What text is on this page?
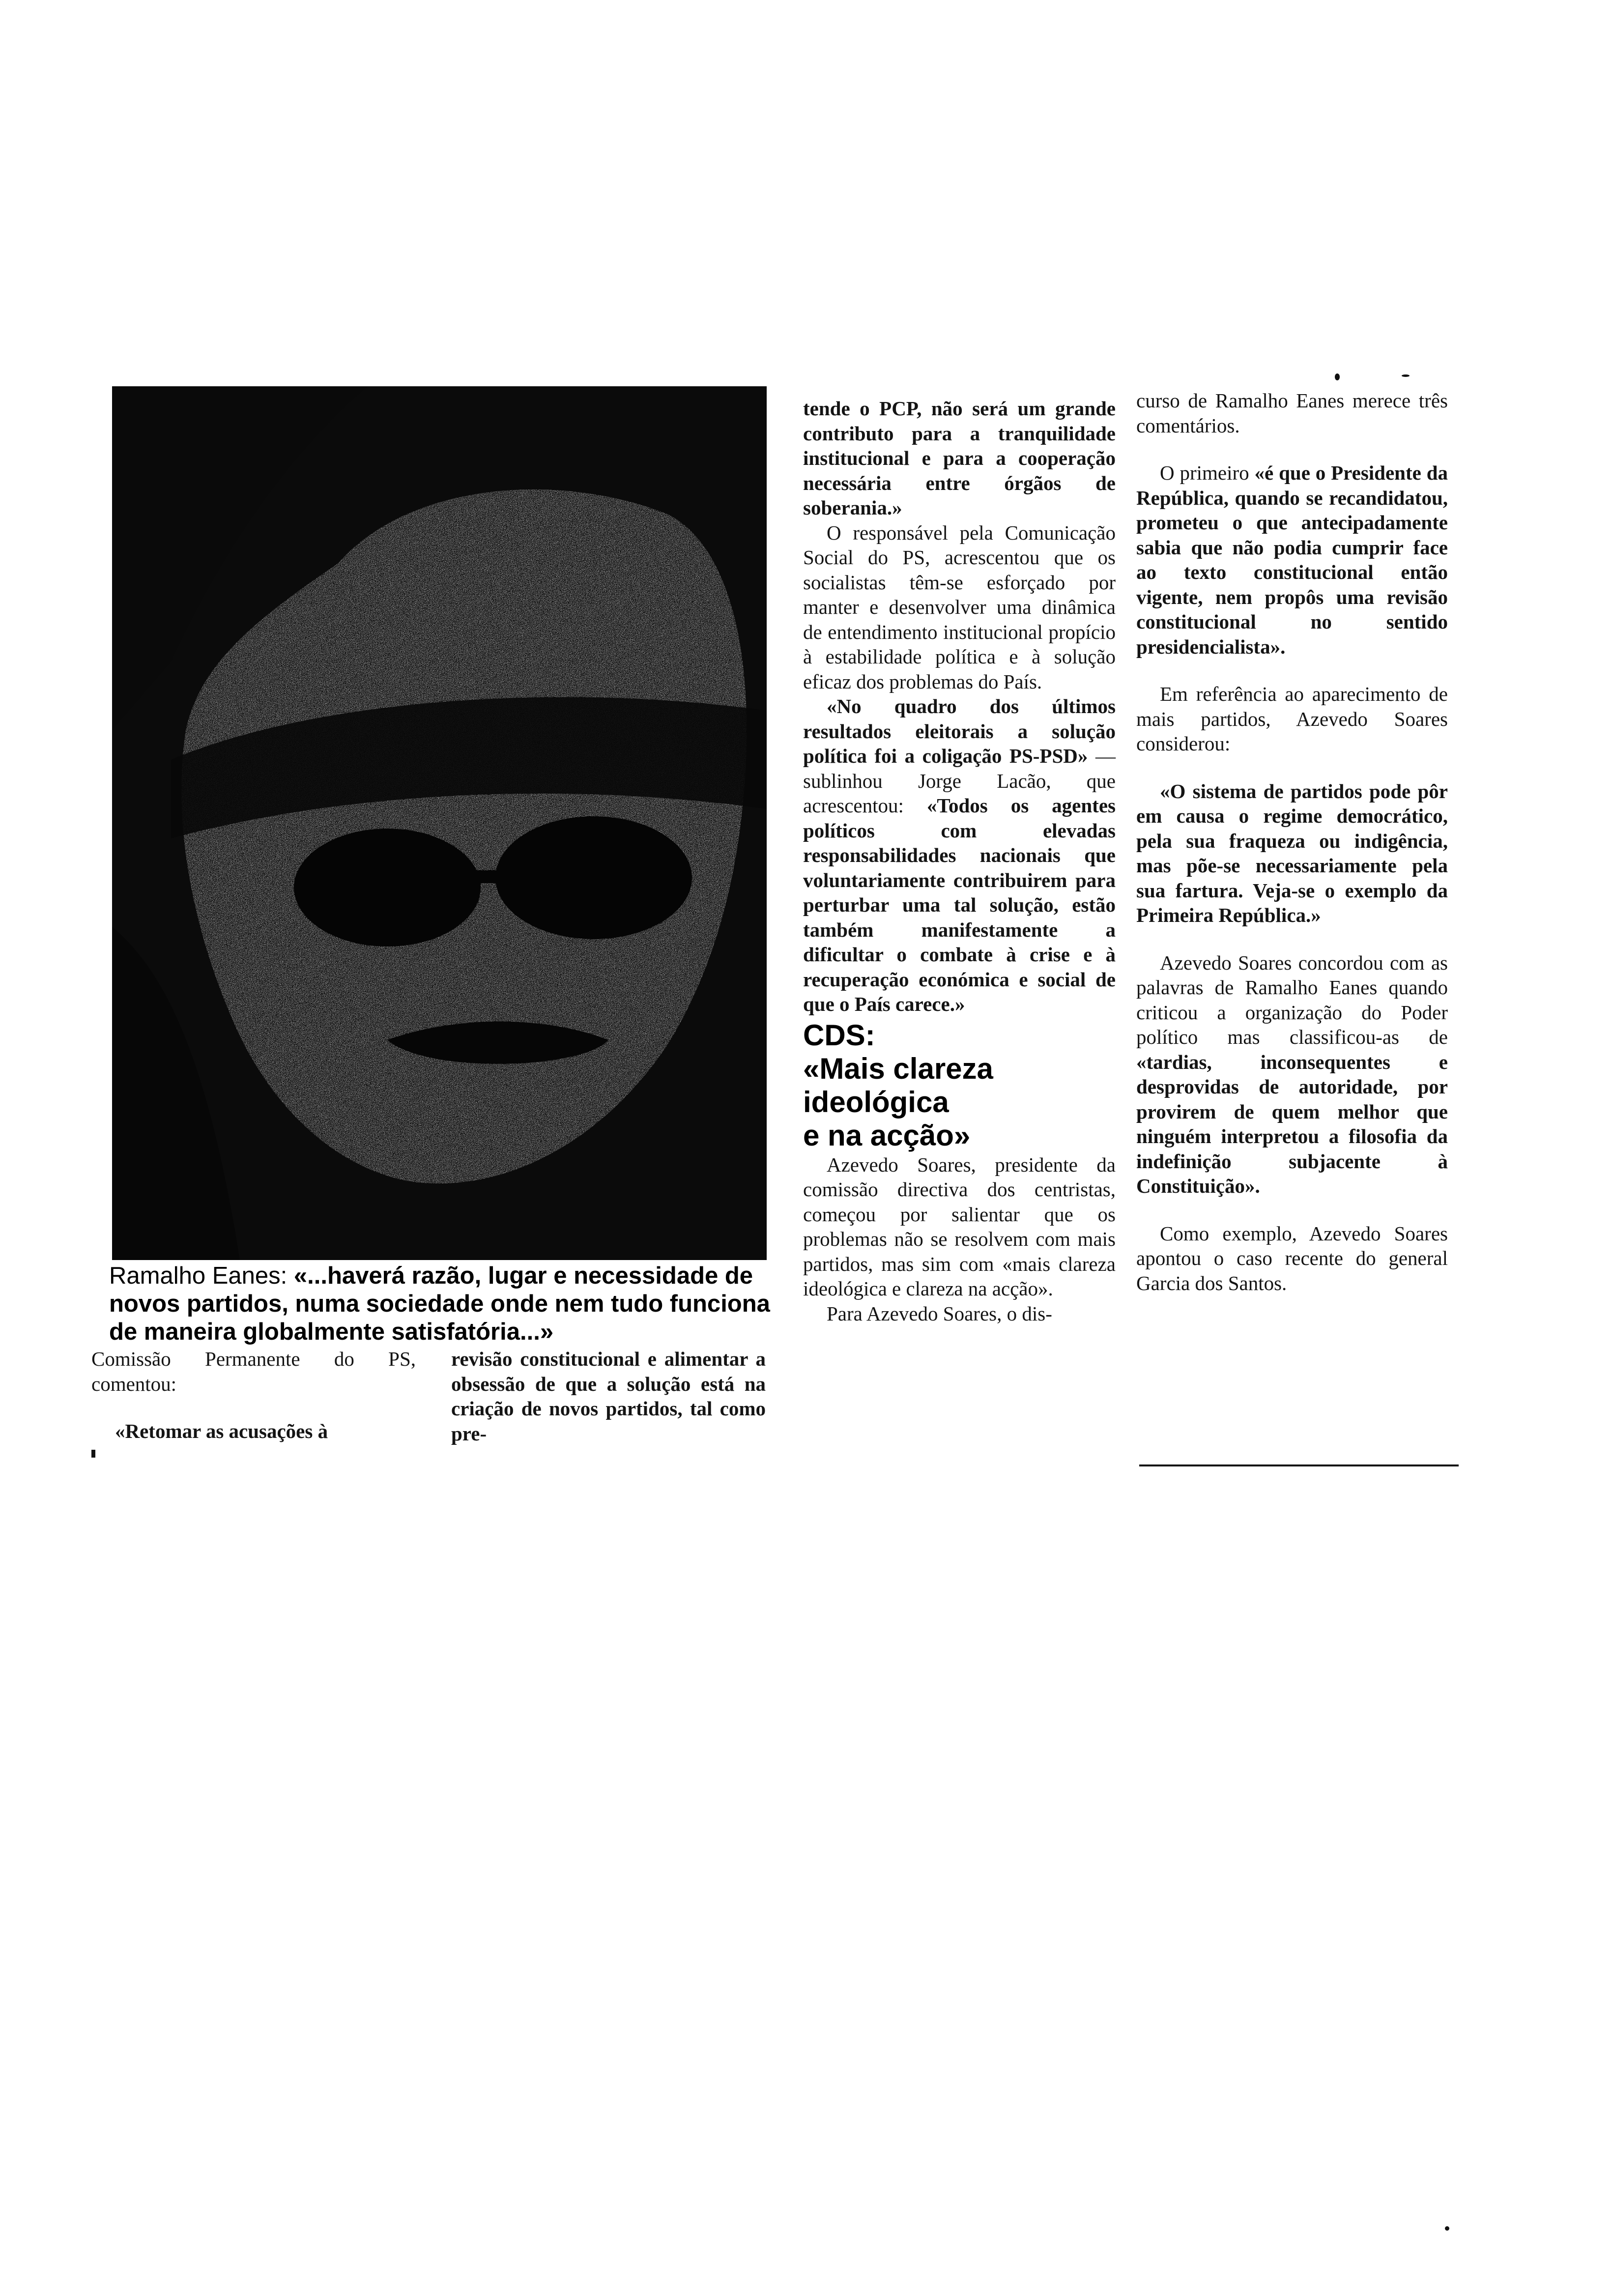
Ramalho Eanes: «...haverá razão, lugar e necessidade de novos partidos, numa sociedade onde nem tudo funciona de maneira globalmente satisfatória...»

Comissão Permanente do PS, comentou:

«Retomar as acusações à

revisão constitucional e alimentar a obsessão de que a solução está na criação de novos partidos, tal como pre-

tende o PCP, não será um grande contributo para a tranquilidade institucional e para a cooperação necessária entre órgãos de soberania.»

O responsável pela Comunicação Social do PS, acrescentou que os socialistas têm-se esforçado por manter e desenvolver uma dinâmica de entendimento institucional propício à estabilidade política e à solução eficaz dos problemas do País.

«No quadro dos últimos resultados eleitorais a solução política foi a coligação PS-PSD» — sublinhou Jorge Lacão, que acrescentou: «Todos os agentes políticos com elevadas responsabilidades nacionais que voluntariamente contribuirem para perturbar uma tal solução, estão também manifestamente a dificultar o combate à crise e à recuperação económica e social de que o País carece.»

CDS:
«Mais clareza
ideológica
e na acção»

Azevedo Soares, presidente da comissão directiva dos centristas, começou por salientar que os problemas não se resolvem com mais partidos, mas sim com «mais clareza ideológica e clareza na acção».

Para Azevedo Soares, o dis-

curso de Ramalho Eanes merece três comentários.

O primeiro «é que o Presidente da República, quando se recandidatou, prometeu o que antecipadamente sabia que não podia cumprir face ao texto constitucional então vigente, nem propôs uma revisão constitucional no sentido presidencialista».

Em referência ao aparecimento de mais partidos, Azevedo Soares considerou:

«O sistema de partidos pode pôr em causa o regime democrático, pela sua fraqueza ou indigência, mas põe-se necessariamente pela sua fartura. Veja-se o exemplo da Primeira República.»

Azevedo Soares concordou com as palavras de Ramalho Eanes quando criticou a organização do Poder político mas classificou-as de «tardias, inconsequentes e desprovidas de autoridade, por provirem de quem melhor que ninguém interpretou a filosofia da indefinição subjacente à Constituição».

Como exemplo, Azevedo Soares apontou o caso recente do general Garcia dos Santos.
